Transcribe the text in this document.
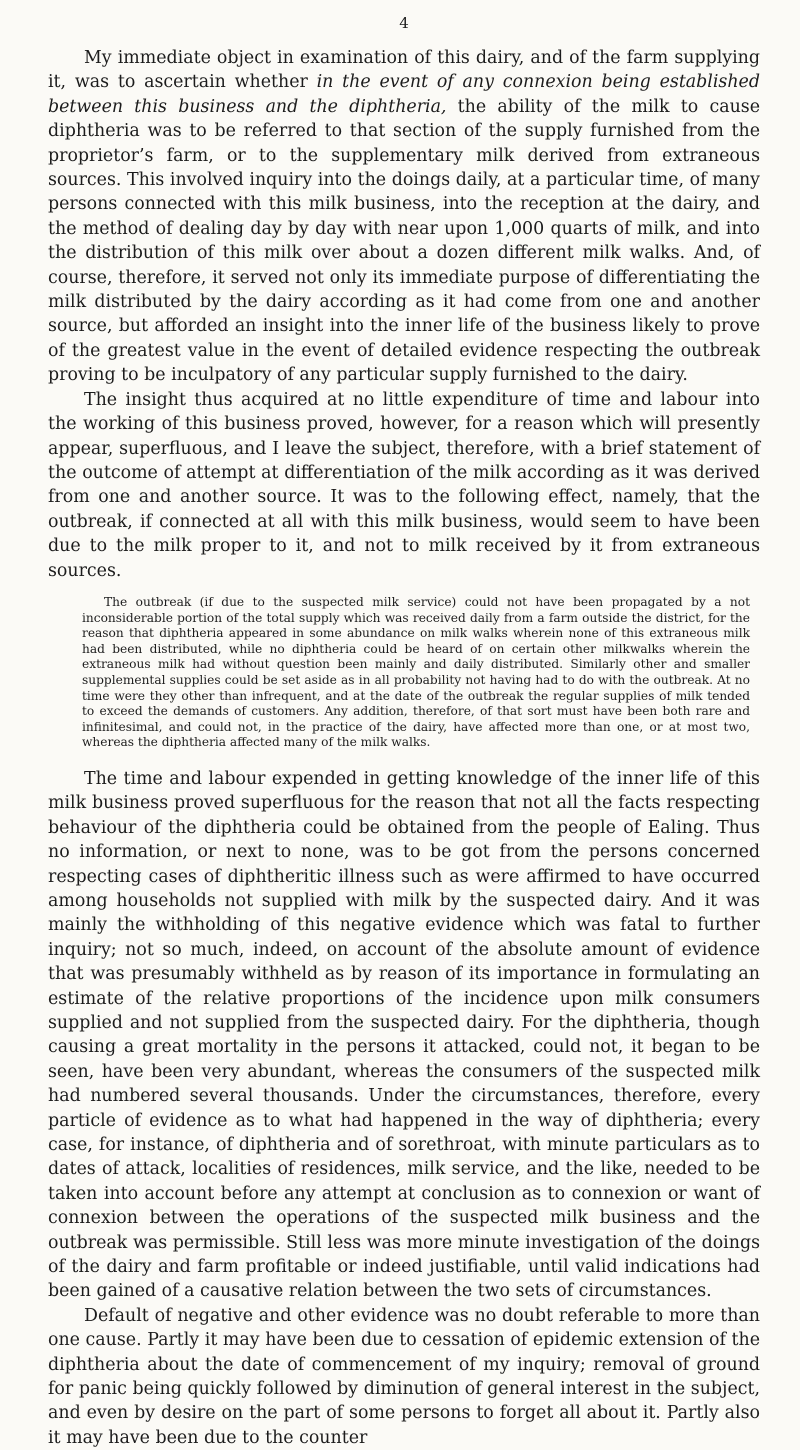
4

My immediate object in examination of this dairy, and of the farm supplying it, was to ascertain whether in the event of any connexion being established between this business and the diphtheria, the ability of the milk to cause diphtheria was to be referred to that section of the supply furnished from the proprietor’s farm, or to the supplementary milk derived from extraneous sources. This involved inquiry into the doings daily, at a particular time, of many persons connected with this milk business, into the reception at the dairy, and the method of dealing day by day with near upon 1,000 quarts of milk, and into the distribution of this milk over about a dozen different milk walks. And, of course, therefore, it served not only its immediate purpose of differentiating the milk distributed by the dairy according as it had come from one and another source, but afforded an insight into the inner life of the business likely to prove of the greatest value in the event of detailed evidence respecting the outbreak proving to be inculpatory of any particular supply furnished to the dairy.

The insight thus acquired at no little expenditure of time and labour into the working of this business proved, however, for a reason which will presently appear, superfluous, and I leave the subject, therefore, with a brief statement of the outcome of attempt at differentiation of the milk according as it was derived from one and another source. It was to the following effect, namely, that the outbreak, if connected at all with this milk business, would seem to have been due to the milk proper to it, and not to milk received by it from extraneous sources.

The outbreak (if due to the suspected milk service) could not have been propagated by a not inconsiderable portion of the total supply which was received daily from a farm outside the district, for the reason that diphtheria appeared in some abundance on milk walks wherein none of this extraneous milk had been distributed, while no diphtheria could be heard of on certain other milkwalks wherein the extraneous milk had without question been mainly and daily distributed. Similarly other and smaller supplemental supplies could be set aside as in all probability not having had to do with the outbreak. At no time were they other than infrequent, and at the date of the outbreak the regular supplies of milk tended to exceed the demands of customers. Any addition, therefore, of that sort must have been both rare and infinitesimal, and could not, in the practice of the dairy, have affected more than one, or at most two, whereas the diphtheria affected many of the milk walks.

The time and labour expended in getting knowledge of the inner life of this milk business proved superfluous for the reason that not all the facts respecting behaviour of the diphtheria could be obtained from the people of Ealing. Thus no information, or next to none, was to be got from the persons concerned respecting cases of diphtheritic illness such as were affirmed to have occurred among households not supplied with milk by the suspected dairy. And it was mainly the withholding of this negative evidence which was fatal to further inquiry; not so much, indeed, on account of the absolute amount of evidence that was presumably withheld as by reason of its importance in formulating an estimate of the relative proportions of the incidence upon milk consumers supplied and not supplied from the suspected dairy. For the diphtheria, though causing a great mortality in the persons it attacked, could not, it began to be seen, have been very abundant, whereas the consumers of the suspected milk had numbered several thousands. Under the circumstances, therefore, every particle of evidence as to what had happened in the way of diphtheria; every case, for instance, of diphtheria and of sorethroat, with minute particulars as to dates of attack, localities of residences, milk service, and the like, needed to be taken into account before any attempt at conclusion as to connexion or want of connexion between the operations of the suspected milk business and the outbreak was permissible. Still less was more minute investigation of the doings of the dairy and farm profitable or indeed justifiable, until valid indications had been gained of a causative relation between the two sets of circumstances.

Default of negative and other evidence was no doubt referable to more than one cause. Partly it may have been due to cessation of epidemic extension of the diphtheria about the date of commencement of my inquiry; removal of ground for panic being quickly followed by diminution of general interest in the subject, and even by desire on the part of some persons to forget all about it. Partly also it may have been due to the counter
